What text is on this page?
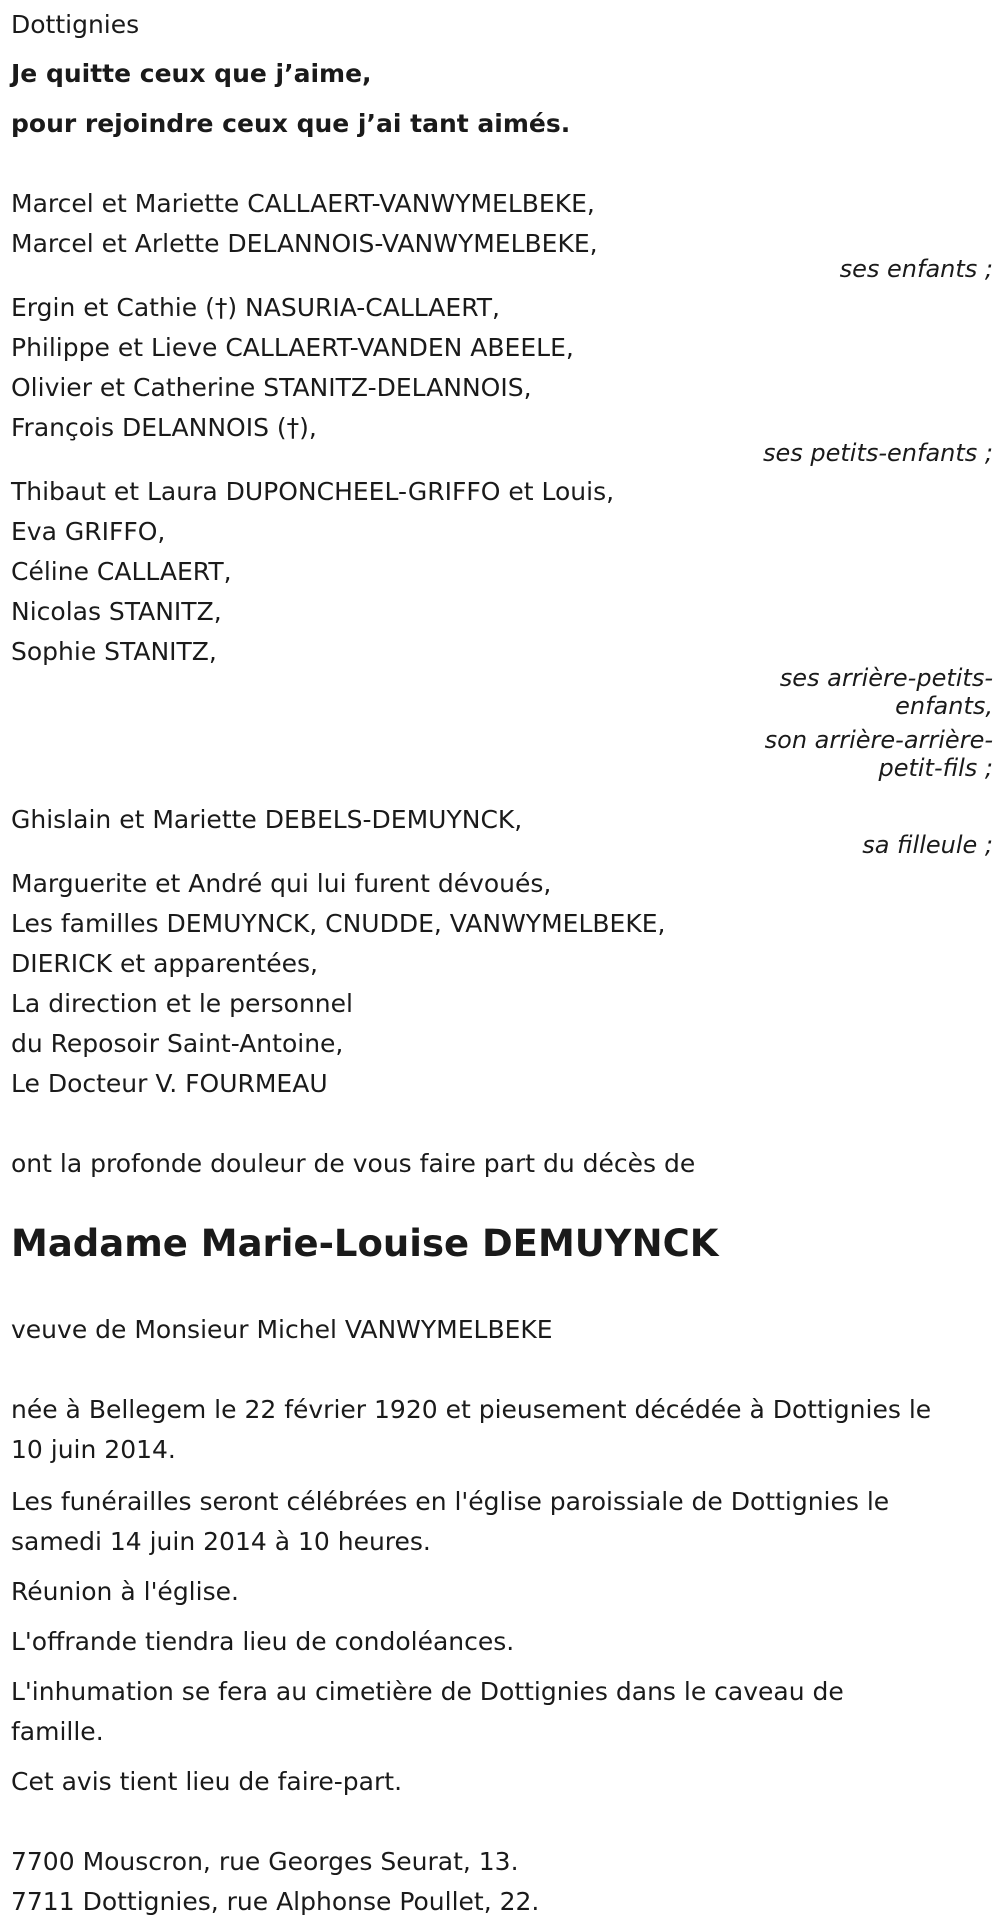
Dottignies
Je quitte ceux que j’aime,
pour rejoindre ceux que j’ai tant aimés.
Marcel et Mariette CALLAERT-VANWYMELBEKE,
Marcel et Arlette DELANNOIS-VANWYMELBEKE,
ses enfants ;
Ergin et Cathie (†) NASURIA-CALLAERT,
Philippe et Lieve CALLAERT-VANDEN ABEELE,
Olivier et Catherine STANITZ-DELANNOIS,
François DELANNOIS (†),
ses petits-enfants ;
Thibaut et Laura DUPONCHEEL-GRIFFO et Louis,
Eva GRIFFO,
Céline CALLAERT,
Nicolas STANITZ,
Sophie STANITZ,
ses arrière-petits-enfants,
son arrière-arrière-petit-fils ;
Ghislain et Mariette DEBELS-DEMUYNCK,
sa filleule ;
Marguerite et André qui lui furent dévoués,
Les familles DEMUYNCK, CNUDDE, VANWYMELBEKE,
DIERICK et apparentées,
La direction et le personnel
du Reposoir Saint-Antoine,
Le Docteur V. FOURMEAU
ont la profonde douleur de vous faire part du décès de
Madame Marie-Louise DEMUYNCK
veuve de Monsieur Michel VANWYMELBEKE
née à Bellegem le 22 février 1920 et pieusement décédée à Dottignies le
10 juin 2014.
Les funérailles seront célébrées en l'église paroissiale de Dottignies le
samedi 14 juin 2014 à 10 heures.
Réunion à l'église.
L'offrande tiendra lieu de condoléances.
L'inhumation se fera au cimetière de Dottignies dans le caveau de
famille.
Cet avis tient lieu de faire-part.
7700 Mouscron, rue Georges Seurat, 13.
7711 Dottignies, rue Alphonse Poullet, 22.
